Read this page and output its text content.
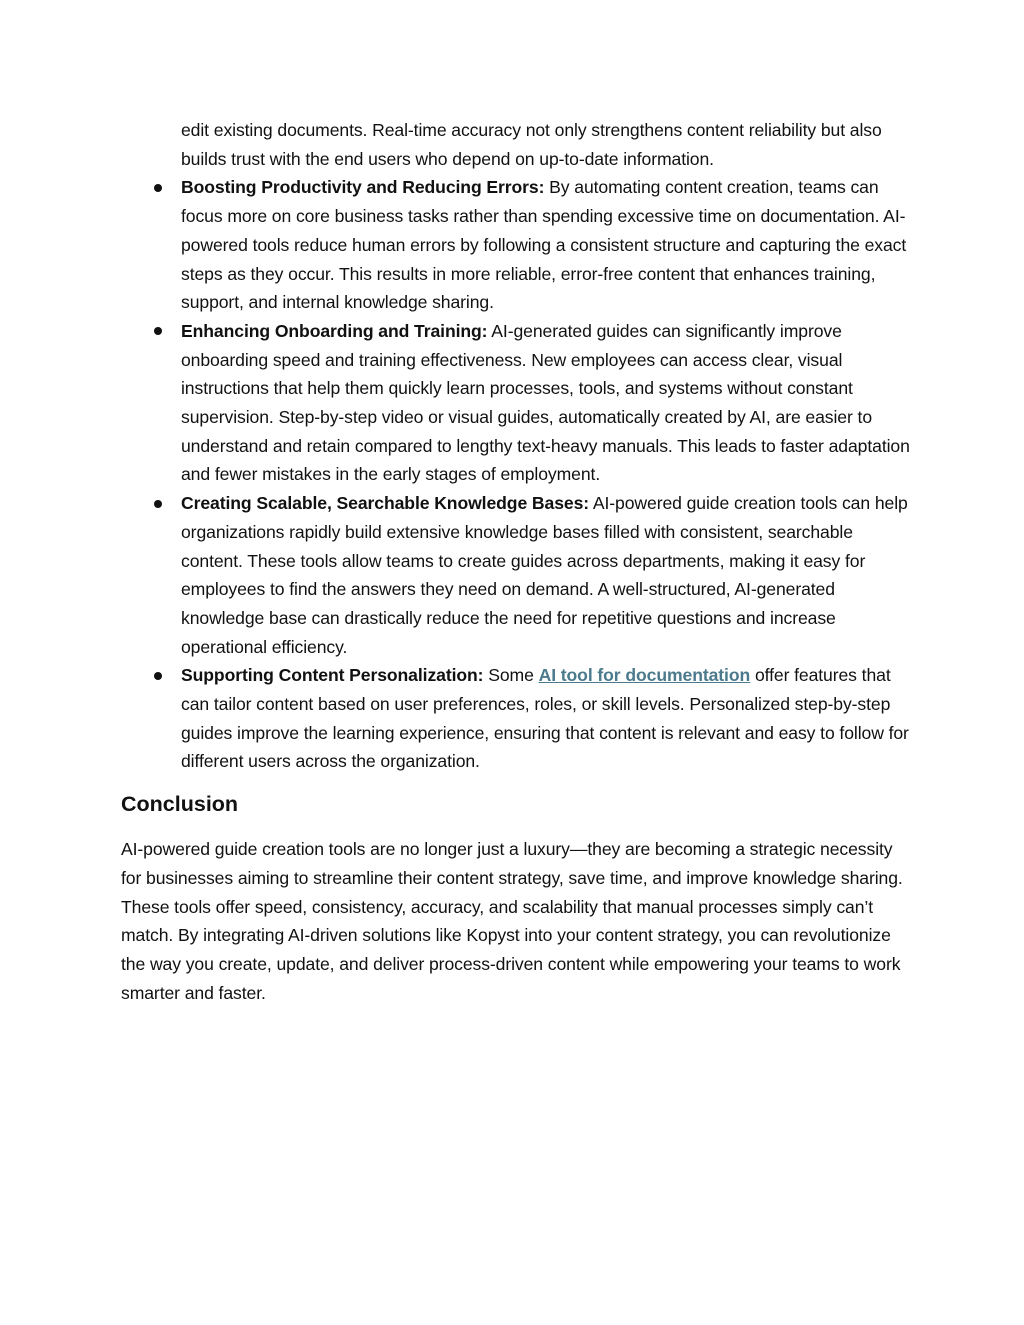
edit existing documents. Real-time accuracy not only strengthens content reliability but also builds trust with the end users who depend on up-to-date information.

Boosting Productivity and Reducing Errors: By automating content creation, teams can focus more on core business tasks rather than spending excessive time on documentation. AI-powered tools reduce human errors by following a consistent structure and capturing the exact steps as they occur. This results in more reliable, error-free content that enhances training, support, and internal knowledge sharing.
Enhancing Onboarding and Training: AI-generated guides can significantly improve onboarding speed and training effectiveness. New employees can access clear, visual instructions that help them quickly learn processes, tools, and systems without constant supervision. Step-by-step video or visual guides, automatically created by AI, are easier to understand and retain compared to lengthy text-heavy manuals. This leads to faster adaptation and fewer mistakes in the early stages of employment.
Creating Scalable, Searchable Knowledge Bases: AI-powered guide creation tools can help organizations rapidly build extensive knowledge bases filled with consistent, searchable content. These tools allow teams to create guides across departments, making it easy for employees to find the answers they need on demand. A well-structured, AI-generated knowledge base can drastically reduce the need for repetitive questions and increase operational efficiency.
Supporting Content Personalization: Some AI tool for documentation offer features that can tailor content based on user preferences, roles, or skill levels. Personalized step-by-step guides improve the learning experience, ensuring that content is relevant and easy to follow for different users across the organization.
Conclusion

AI-powered guide creation tools are no longer just a luxury—they are becoming a strategic necessity for businesses aiming to streamline their content strategy, save time, and improve knowledge sharing. These tools offer speed, consistency, accuracy, and scalability that manual processes simply can’t match. By integrating AI-driven solutions like Kopyst into your content strategy, you can revolutionize the way you create, update, and deliver process-driven content while empowering your teams to work smarter and faster.
